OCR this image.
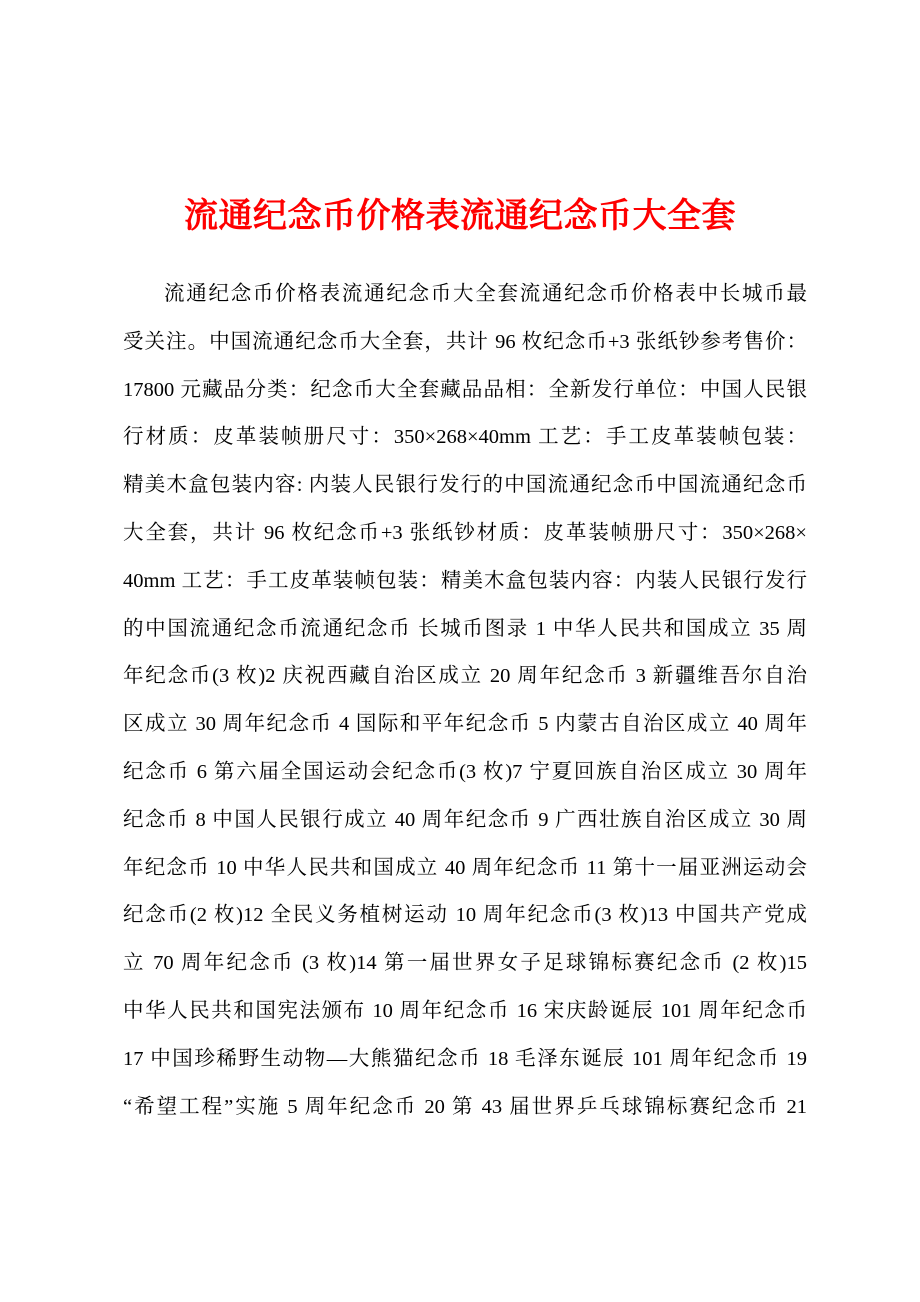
流通纪念币价格表流通纪念币大全套
流通纪念币价格表流通纪念币大全套流通纪念币价格表中长城币最
受关注。中国流通纪念币大全套，共计 96 枚纪念币+3 张纸钞参考售价：
17800 元藏品分类：纪念币大全套藏品品相：全新发行单位：中国人民银
行材质：皮革装帧册尺寸：350×268×40mm 工艺：手工皮革装帧包装：
精美木盒包装内容: 内装人民银行发行的中国流通纪念币中国流通纪念币
大全套，共计 96 枚纪念币+3 张纸钞材质：皮革装帧册尺寸：350×268×
40mm 工艺：手工皮革装帧包装：精美木盒包装内容：内装人民银行发行
的中国流通纪念币流通纪念币 长城币图录 1 中华人民共和国成立 35 周
年纪念币(3 枚)2 庆祝西藏自治区成立 20 周年纪念币 3 新疆维吾尔自治
区成立 30 周年纪念币 4 国际和平年纪念币 5 内蒙古自治区成立 40 周年
纪念币 6 第六届全国运动会纪念币(3 枚)7 宁夏回族自治区成立 30 周年
纪念币 8 中国人民银行成立 40 周年纪念币 9 广西壮族自治区成立 30 周
年纪念币 10 中华人民共和国成立 40 周年纪念币 11 第十一届亚洲运动会
纪念币(2 枚)12 全民义务植树运动 10 周年纪念币(3 枚)13 中国共产党成
立 70 周年纪念币 (3 枚)14 第一届世界女子足球锦标赛纪念币 (2 枚)15
中华人民共和国宪法颁布 10 周年纪念币 16 宋庆龄诞辰 101 周年纪念币
17 中国珍稀野生动物—大熊猫纪念币 18 毛泽东诞辰 101 周年纪念币 19
“希望工程”实施 5 周年纪念币 20 第 43 届世界乒乓球锦标赛纪念币 21
